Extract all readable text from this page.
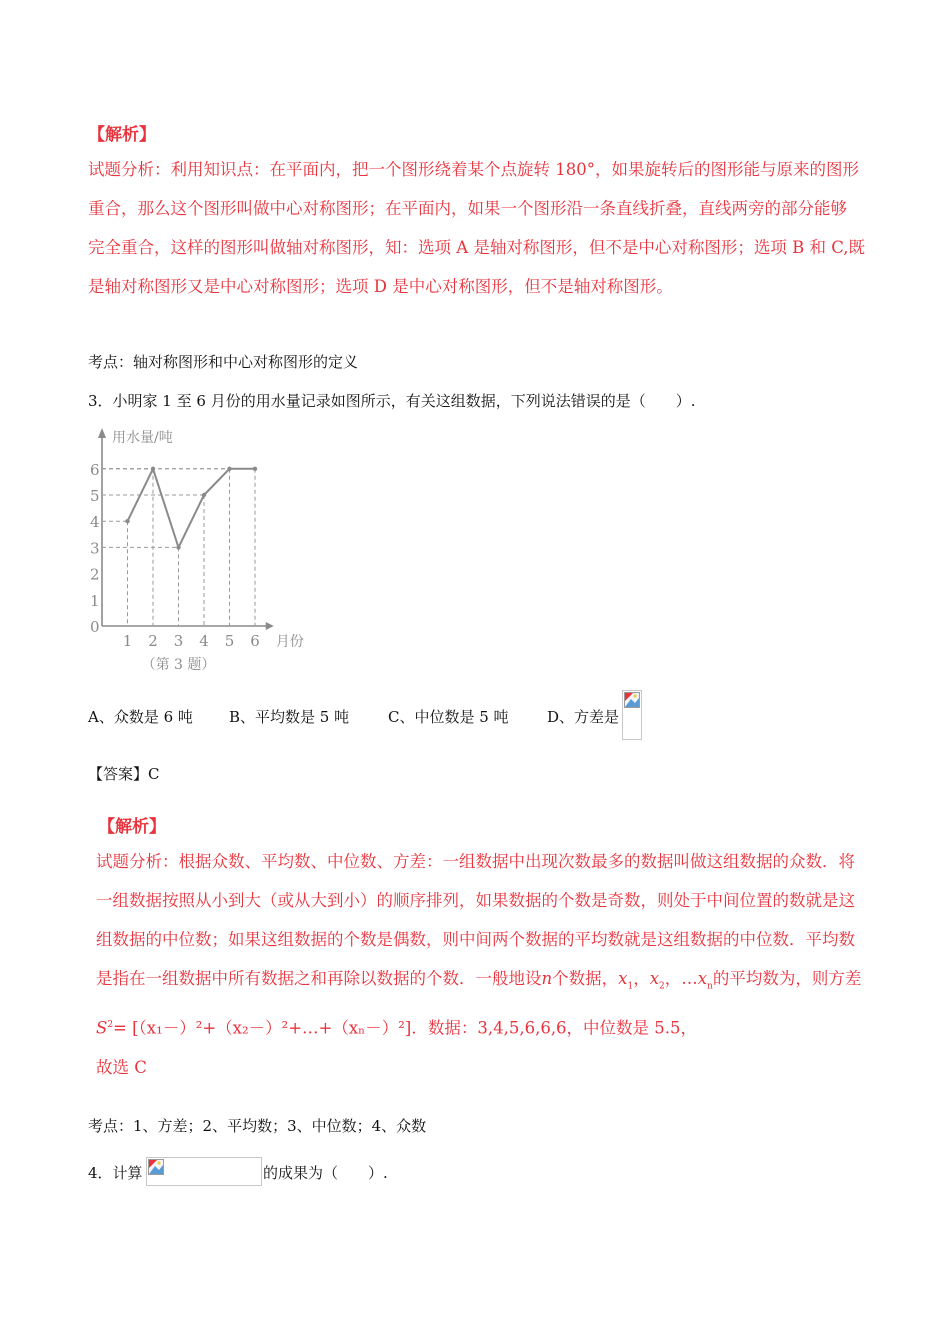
【解析】
试题分析：利用知识点：在平面内，把一个图形绕着某个点旋转 180°，如果旋转后的图形能与原来的图形
重合，那么这个图形叫做中心对称图形；在平面内，如果一个图形沿一条直线折叠，直线两旁的部分能够
完全重合，这样的图形叫做轴对称图形，知：选项 A 是轴对称图形，但不是中心对称图形；选项 B 和 C,既
是轴对称图形又是中心对称图形；选项 D 是中心对称图形，但不是轴对称图形。
考点：轴对称图形和中心对称图形的定义
3．小明家 1 至 6 月份的用水量记录如图所示，有关这组数据，下列说法错误的是（　　）.
用水量/吨
月份
0
1
2
3
4
5
6
1 2 3 4 5 6
（第 3 题）
A、众数是 6 吨 B、平均数是 5 吨	C、中位数是 5 吨	D、方差是
【答案】C
【解析】
试题分析：根据众数、平均数、中位数、方差：一组数据中出现次数最多的数据叫做这组数据的众数．将
一组数据按照从小到大（或从大到小）的顺序排列，如果数据的个数是奇数，则处于中间位置的数就是这
组数据的中位数；如果这组数据的个数是偶数，则中间两个数据的平均数就是这组数据的中位数．平均数
是指在一组数据中所有数据之和再除以数据的个数．一般地设n个数据，$x_1$，$x_2$，$\dots x_n$的平均数为，则方差
$S^2=$ [（x₁－）²+（x₂－）²+…+（xₙ－）²]．数据：3,4,5,6,6,6，中位数是 5.5，
故选 C
考点：1、方差；2、平均数；3、中位数；4、众数
4．计算	的成果为（　　）.
